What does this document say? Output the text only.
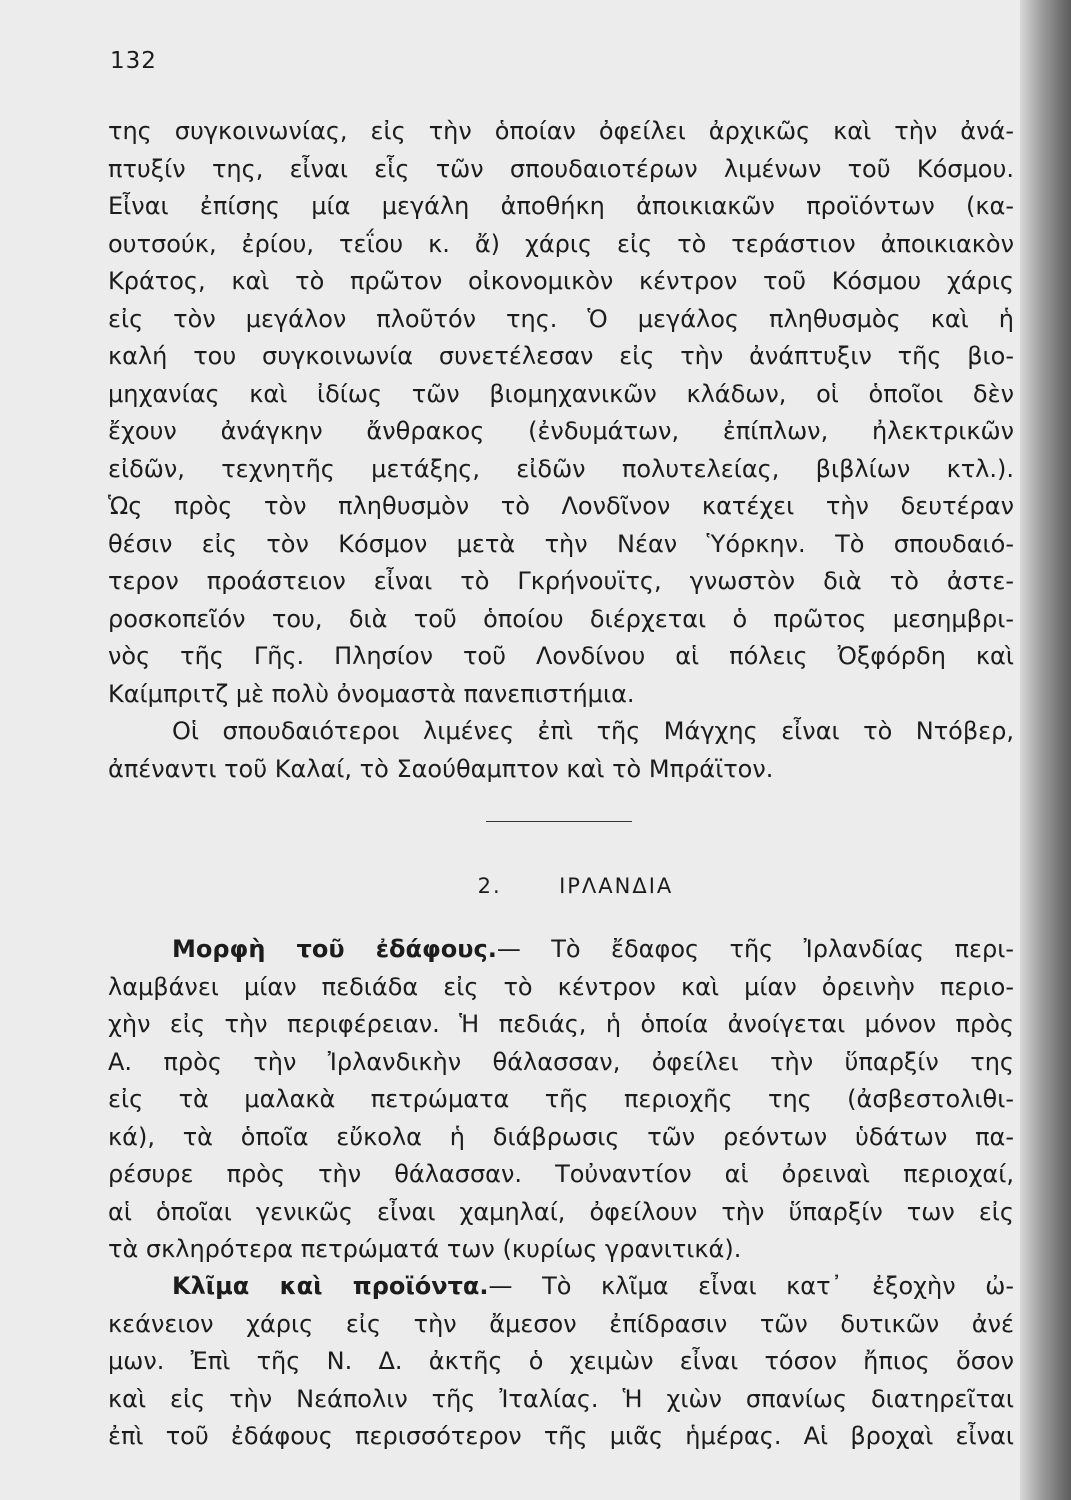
132
της συγκοινωνίας, εἰς τὴν ὁποίαν ὀφείλει ἀρχικῶς καὶ τὴν ἀνά-
πτυξίν της, εἶναι εἷς τῶν σπουδαιοτέρων λιμένων τοῦ Κόσμου.
Εἶναι ἐπίσης μία μεγάλη ἀποθήκη ἀποικιακῶν προϊόντων (κα-
ουτσούκ, ἐρίου, τεΐου κ. ἄ) χάρις εἰς τὸ τεράστιον ἀποικιακὸν
Κράτος, καὶ τὸ πρῶτον οἰκονομικὸν κέντρον τοῦ Κόσμου χάρις
εἰς τὸν μεγάλον πλοῦτόν της. Ὁ μεγάλος πληθυσμὸς καὶ ἡ
καλή του συγκοινωνία συνετέλεσαν εἰς τὴν ἀνάπτυξιν τῆς βιο-
μηχανίας καὶ ἰδίως τῶν βιομηχανικῶν κλάδων, οἱ ὁποῖοι δὲν
ἔχουν ἀνάγκην ἄνθρακος (ἐνδυμάτων, ἐπίπλων, ἠλεκτρικῶν
εἰδῶν, τεχνητῆς μετάξης, εἰδῶν πολυτελείας, βιβλίων κτλ.).
Ὡς πρὸς τὸν πληθυσμὸν τὸ Λονδῖνον κατέχει τὴν δευτέραν
θέσιν εἰς τὸν Κόσμον μετὰ τὴν Νέαν Ὑόρκην. Τὸ σπουδαιό-
τερον προάστειον εἶναι τὸ Γκρήνουϊτς, γνωστὸν διὰ τὸ ἀστε-
ροσκοπεῖόν του, διὰ τοῦ ὁποίου διέρχεται ὁ πρῶτος μεσημβρι-
νὸς τῆς Γῆς. Πλησίον τοῦ Λονδίνου αἱ πόλεις Ὀξφόρδη καὶ
Καίμπριτζ μὲ πολὺ ὀνομαστὰ πανεπιστήμια.
Οἱ σπουδαιότεροι λιμένες ἐπὶ τῆς Μάγχης εἶναι τὸ Ντόβερ,
ἀπέναντι τοῦ Καλαί, τὸ Σαούθαμπτον καὶ τὸ Μπράϊτον.
2.	ΙΡΛΑΝΔΙΑ
Μορφὴ τοῦ ἐδάφους.— Τὸ ἔδαφος τῆς Ἰρλανδίας περι-
λαμβάνει μίαν πεδιάδα εἰς τὸ κέντρον καὶ μίαν ὀρεινὴν περιο-
χὴν εἰς τὴν περιφέρειαν. Ἡ πεδιάς, ἡ ὁποία ἀνοίγεται μόνον πρὸς
Α. πρὸς τὴν Ἰρλανδικὴν θάλασσαν, ὀφείλει τὴν ὕπαρξίν της
εἰς τὰ μαλακὰ πετρώματα τῆς περιοχῆς της (ἀσβεστολιθι-
κά), τὰ ὁποῖα εὔκολα ἡ διάβρωσις τῶν ρεόντων ὑδάτων πα-
ρέσυρε πρὸς τὴν θάλασσαν. Τοὐναντίον αἱ ὀρειναὶ περιοχαί,
αἱ ὁποῖαι γενικῶς εἶναι χαμηλαί, ὀφείλουν τὴν ὕπαρξίν των εἰς
τὰ σκληρότερα πετρώματά των (κυρίως γρανιτικά).
Κλῖμα καὶ προϊόντα.— Τὸ κλῖμα εἶναι κατ᾽ ἐξοχὴν ὠ-
κεάνειον χάρις εἰς τὴν ἄμεσον ἐπίδρασιν τῶν δυτικῶν ἀνέ
μων. Ἐπὶ τῆς Ν. Δ. ἀκτῆς ὁ χειμὼν εἶναι τόσον ἤπιος ὅσον
καὶ εἰς τὴν Νεάπολιν τῆς Ἰταλίας. Ἡ χιὼν σπανίως διατηρεῖται
ἐπὶ τοῦ ἐδάφους περισσότερον τῆς μιᾶς ἡμέρας. Αἱ βροχαὶ εἶναι
